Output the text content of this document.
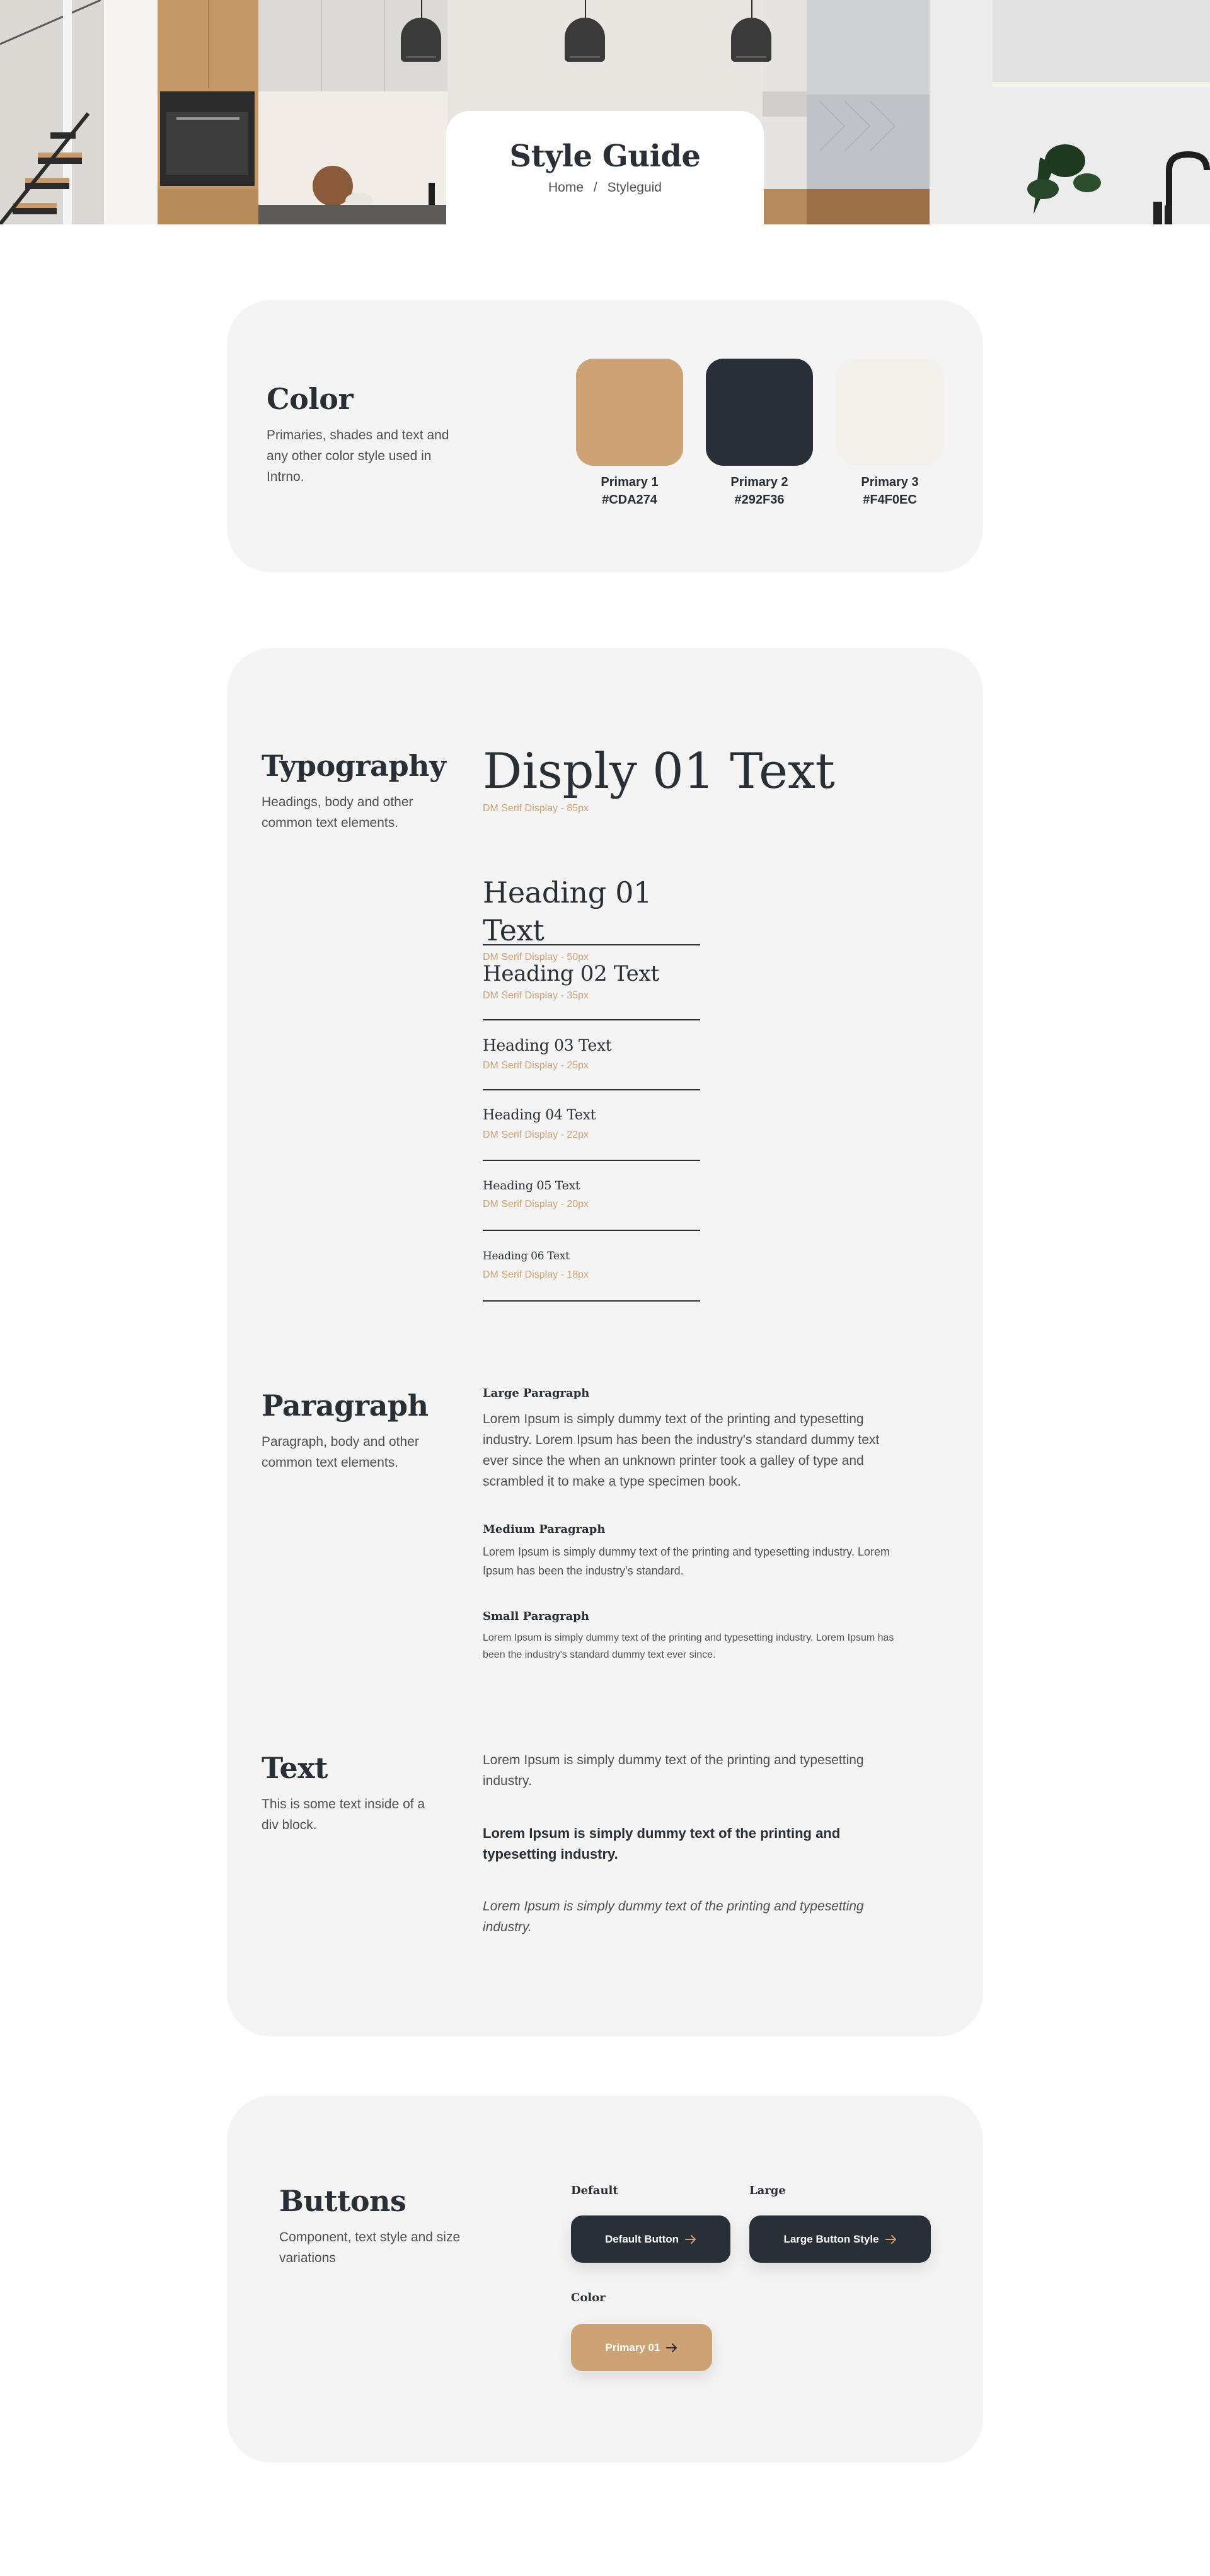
Style Guide
Home / Styleguid
Color

Primaries, shades and text and any other color style used in Intrno.	Primary 1
#CDA274
Primary 2
#292F36
Primary 3
#F4F0EC
Typography

Headings, body and other common text elements.

Disply 01 Text
DM Serif Display - 85px
Heading 01 Text
DM Serif Display - 50px
Heading 02 Text
DM Serif Display - 35px
Heading 03 Text
DM Serif Display - 25px
Heading 04 Text
DM Serif Display - 22px
Heading 05 Text
DM Serif Display - 20px
Heading 06 Text
DM Serif Display - 18px
Paragraph

Paragraph, body and other common text elements.

Large Paragraph

Lorem Ipsum is simply dummy text of the printing and typesetting industry. Lorem Ipsum has been the industry's standard dummy text ever since the when an unknown printer took a galley of type and scrambled it to make a type specimen book.

Medium Paragraph

Lorem Ipsum is simply dummy text of the printing and typesetting industry. Lorem Ipsum has been the industry's standard.

Small Paragraph

Lorem Ipsum is simply dummy text of the printing and typesetting industry. Lorem Ipsum has been the industry's standard dummy text ever since.

Text

This is some text inside of a div block.

Lorem Ipsum is simply dummy text of the printing and typesetting industry.

Lorem Ipsum is simply dummy text of the printing and typesetting industry.

Lorem Ipsum is simply dummy text of the printing and typesetting industry.

Buttons

Component, text style and size variations

Default	Large
Default Button	Large Button Style
Color
Primary 01
